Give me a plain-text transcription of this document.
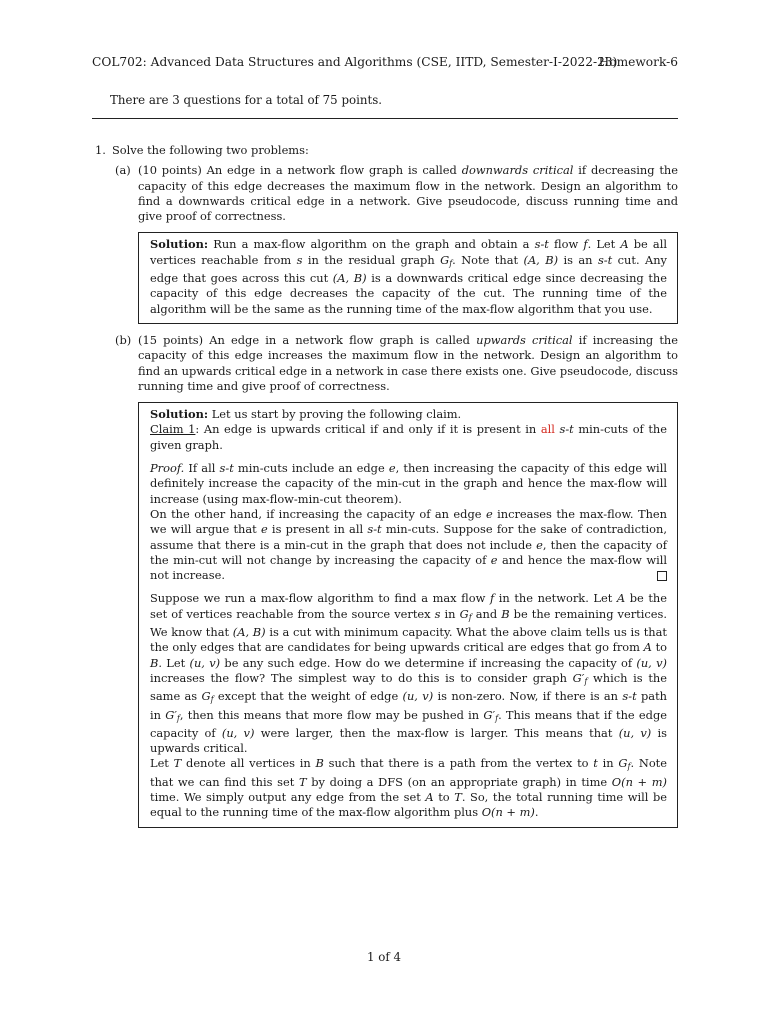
COL702: Advanced Data Structures and Algorithms (CSE, IITD, Semester-I-2022-23)
Homework-6
There are 3 questions for a total of 75 points.
1. Solve the following two problems:
(a) (10 points) An edge in a network flow graph is called downwards critical if decreasing the capacity of this edge decreases the maximum flow in the network. Design an algorithm to find a downwards critical edge in a network. Give pseudocode, discuss running time and give proof of correctness.

Solution: Run a max-flow algorithm on the graph and obtain a s-t flow f. Let A be all vertices reachable from s in the residual graph $G_f$. Note that (A, B) is an s-t cut. Any edge that goes across this cut (A, B) is a downwards critical edge since decreasing the capacity of this edge decreases the capacity of the cut. The running time of the algorithm will be the same as the running time of the max-flow algorithm that you use.

(b) (15 points) An edge in a network flow graph is called upwards critical if increasing the capacity of this edge increases the maximum flow in the network. Design an algorithm to find an upwards critical edge in a network in case there exists one. Give pseudocode, discuss running time and give proof of correctness.

Solution: Let us start by proving the following claim.

Claim 1: An edge is upwards critical if and only if it is present in all s-t min-cuts of the given graph.

Proof. If all s-t min-cuts include an edge e, then increasing the capacity of this edge will definitely increase the capacity of the min-cut in the graph and hence the max-flow will increase (using max-flow-min-cut theorem).

On the other hand, if increasing the capacity of an edge e increases the max-flow. Then we will argue that e is present in all s-t min-cuts. Suppose for the sake of contradiction, assume that there is a min-cut in the graph that does not include e, then the capacity of the min-cut will not change by increasing the capacity of e and hence the max-flow will not increase.

Suppose we run a max-flow algorithm to find a max flow f in the network. Let A be the set of vertices reachable from the source vertex s in $G_f$ and B be the remaining vertices. We know that (A, B) is a cut with minimum capacity. What the above claim tells us is that the only edges that are candidates for being upwards critical are edges that go from A to B. Let (u, v) be any such edge. How do we determine if increasing the capacity of (u, v) increases the flow? The simplest way to do this is to consider graph $G'_f$ which is the same as $G_f$ except that the weight of edge (u, v) is non-zero. Now, if there is an s-t path in $G'_f$, then this means that more flow may be pushed in $G'_f$. This means that if the edge capacity of (u, v) were larger, then the max-flow is larger. This means that (u, v) is upwards critical.

Let T denote all vertices in B such that there is a path from the vertex to t in $G_f$. Note that we can find this set T by doing a DFS (on an appropriate graph) in time O(n + m) time. We simply output any edge from the set A to T. So, the total running time will be equal to the running time of the max-flow algorithm plus O(n + m).

1 of 4
